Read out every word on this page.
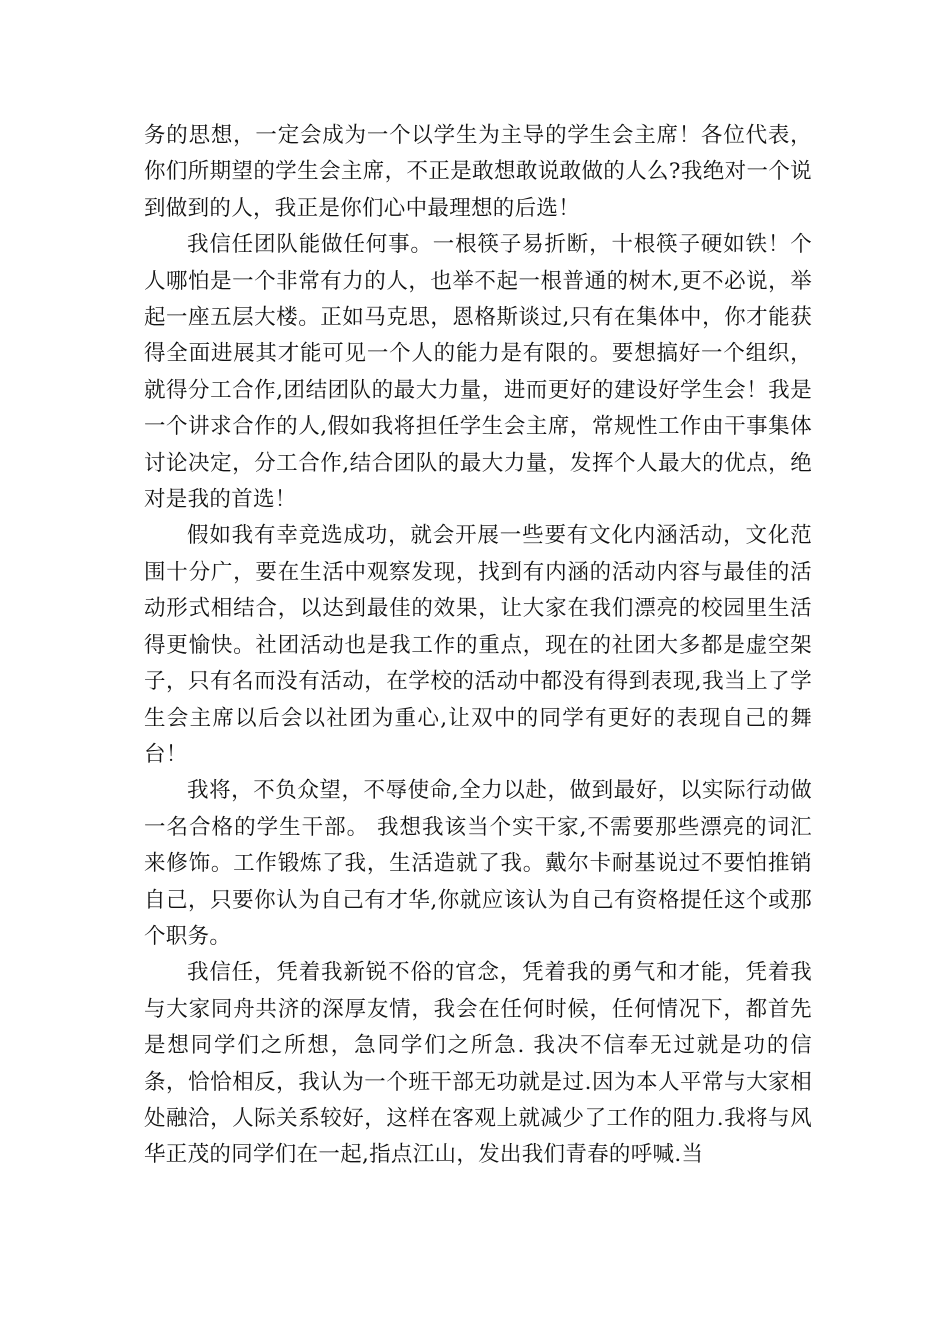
务的思想，一定会成为一个以学生为主导的学生会主席！各位代表，你们所期望的学生会主席，不正是敢想敢说敢做的人么?我绝对一个说到做到的人，我正是你们心中最理想的后选！

我信任团队能做任何事。一根筷子易折断，十根筷子硬如铁！个人哪怕是一个非常有力的人，也举不起一根普通的树木,更不必说，举起一座五层大楼。正如马克思，恩格斯谈过,只有在集体中，你才能获得全面进展其才能可见一个人的能力是有限的。要想搞好一个组织，就得分工合作,团结团队的最大力量，进而更好的建设好学生会！我是一个讲求合作的人,假如我将担任学生会主席，常规性工作由干事集体讨论决定，分工合作,结合团队的最大力量，发挥个人最大的优点，绝对是我的首选！

假如我有幸竞选成功，就会开展一些要有文化内涵活动，文化范围十分广，要在生活中观察发现，找到有内涵的活动内容与最佳的活动形式相结合，以达到最佳的效果，让大家在我们漂亮的校园里生活得更愉快。社团活动也是我工作的重点，现在的社团大多都是虚空架子，只有名而没有活动，在学校的活动中都没有得到表现,我当上了学生会主席以后会以社团为重心,让双中的同学有更好的表现自己的舞台！

我将，不负众望，不辱使命,全力以赴，做到最好，以实际行动做一名合格的学生干部。 我想我该当个实干家,不需要那些漂亮的词汇来修饰。工作锻炼了我，生活造就了我。戴尔卡耐基说过不要怕推销自己，只要你认为自己有才华,你就应该认为自己有资格提任这个或那个职务。

我信任，凭着我新锐不俗的官念，凭着我的勇气和才能，凭着我与大家同舟共济的深厚友情，我会在任何时候，任何情况下，都首先是想同学们之所想，急同学们之所急. 我决不信奉无过就是功的信条，恰恰相反，我认为一个班干部无功就是过.因为本人平常与大家相处融洽，人际关系较好，这样在客观上就减少了工作的阻力.我将与风华正茂的同学们在一起,指点江山，发出我们青春的呼喊.当
